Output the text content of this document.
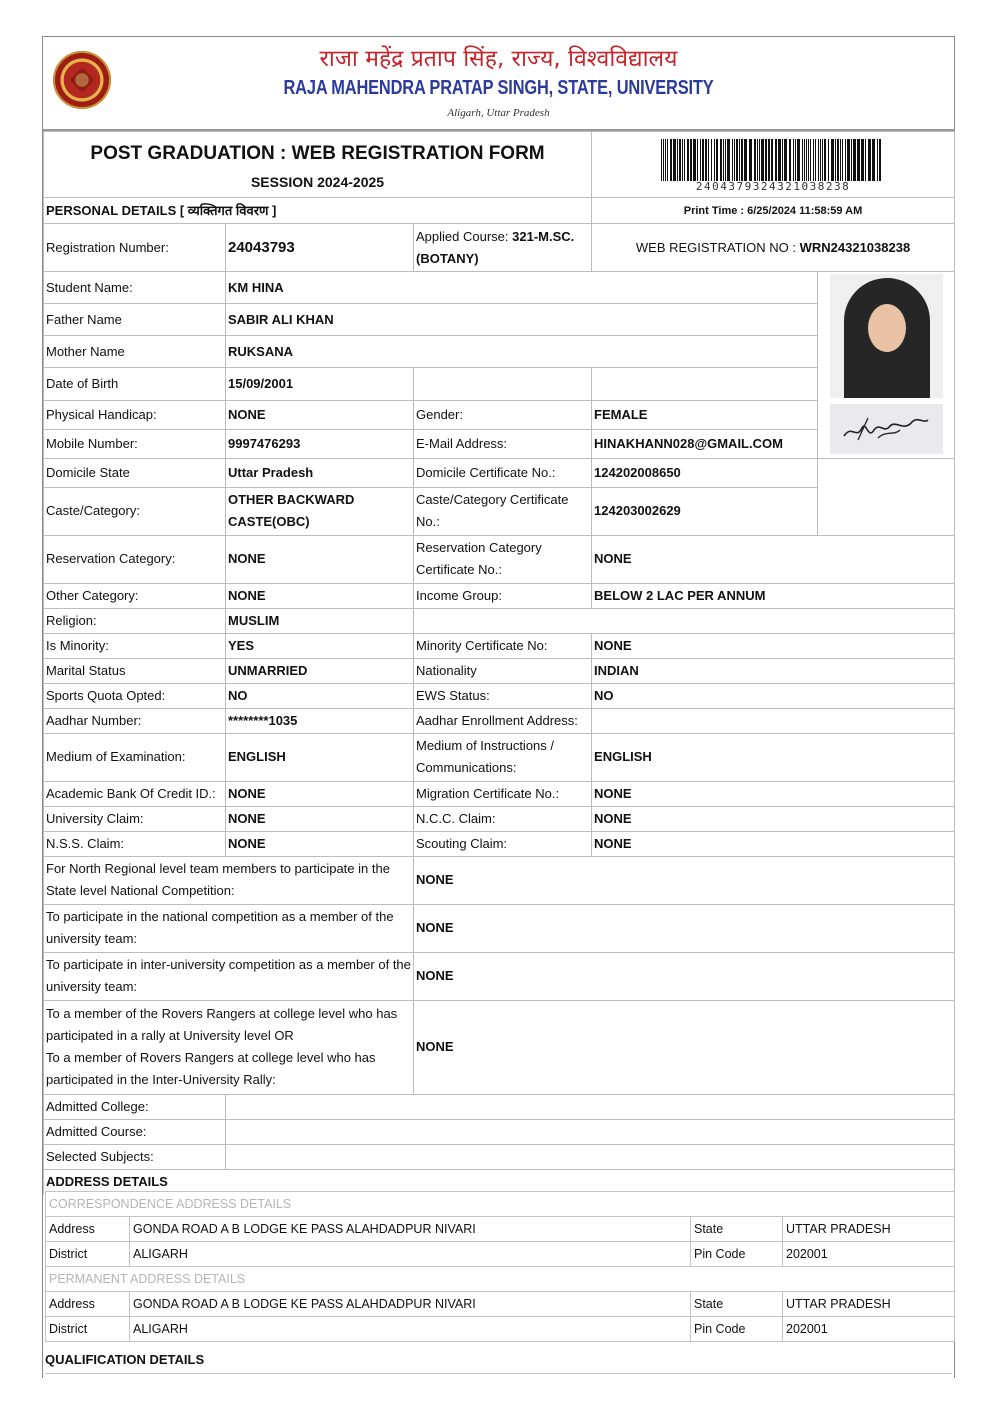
राजा महेंद्र प्रताप सिंह, राज्य, विश्वविद्यालय
RAJA MAHENDRA PRATAP SINGH, STATE, UNIVERSITY
Aligarh, Uttar Pradesh
POST GRADUATION : WEB REGISTRATION FORM
SESSION 2024-2025			240437932432103823​8	

PERSONAL DETAILS [ व्यक्तिगत विवरण ]			Print Time : 6/25/2024 11:58:59 AM	
Registration Number:	24043793	Applied Course: 321-M.SC. (BOTANY)	WEB REGISTRATION NO : WRN24321038238	
Student Name:	KM HINA			

Father Name	SABIR ALI KHAN			
Mother Name	RUKSANA			
Date of Birth	15/09/2001			
Physical Handicap:	NONE	Gender:	FEMALE	

Mobile Number:	9997476293	E-Mail Address:	HINAKHANN028@GMAIL.COM	
Domicile State	Uttar Pradesh	Domicile Certificate No.:	124202008650	
Caste/Category:	OTHER BACKWARD CASTE(OBC)	Caste/Category Certificate No.:	124203002629	
Reservation Category:	NONE	Reservation Category Certificate No.:	NONE	
Other Category:	NONE	Income Group:	BELOW 2 LAC PER ANNUM	
Religion:	MUSLIM			
Is Minority:	YES	Minority Certificate No:	NONE	
Marital Status	UNMARRIED	Nationality	INDIAN	
Sports Quota Opted:	NO	EWS Status:	NO	
Aadhar Number:	********1035	Aadhar Enrollment Address:		
Medium of Examination:	ENGLISH	Medium of Instructions / Communications:	ENGLISH	
Academic Bank Of Credit ID.:	NONE	Migration Certificate No.:	NONE	
University Claim:	NONE	N.C.C. Claim:	NONE	
N.S.S. Claim:	NONE	Scouting Claim:	NONE	
For North Regional level team members to participate in the State level National Competition:		NONE		
To participate in the national competition as a member of the university team:		NONE		
To participate in inter-university competition as a member of the university team:		NONE		
To a member of the Rovers Rangers at college level who has participated in a rally at University level OR
To a member of Rovers Rangers at college level who has participated in the Inter-University Rally:		NONE		
Admitted College:				
Admitted Course:				
Selected Subjects:				
ADDRESS DETAILS				
CORRESPONDENCE ADDRESS DETAILS			
Address	GONDA ROAD A B LODGE KE PASS ALAHDADPUR NIVARI	State	UTTAR PRADESH
District	ALIGARH	Pin Code	202001
PERMANENT ADDRESS DETAILS			
Address	GONDA ROAD A B LODGE KE PASS ALAHDADPUR NIVARI	State	UTTAR PRADESH
District	ALIGARH	Pin Code	202001
QUALIFICATION DETAILS
